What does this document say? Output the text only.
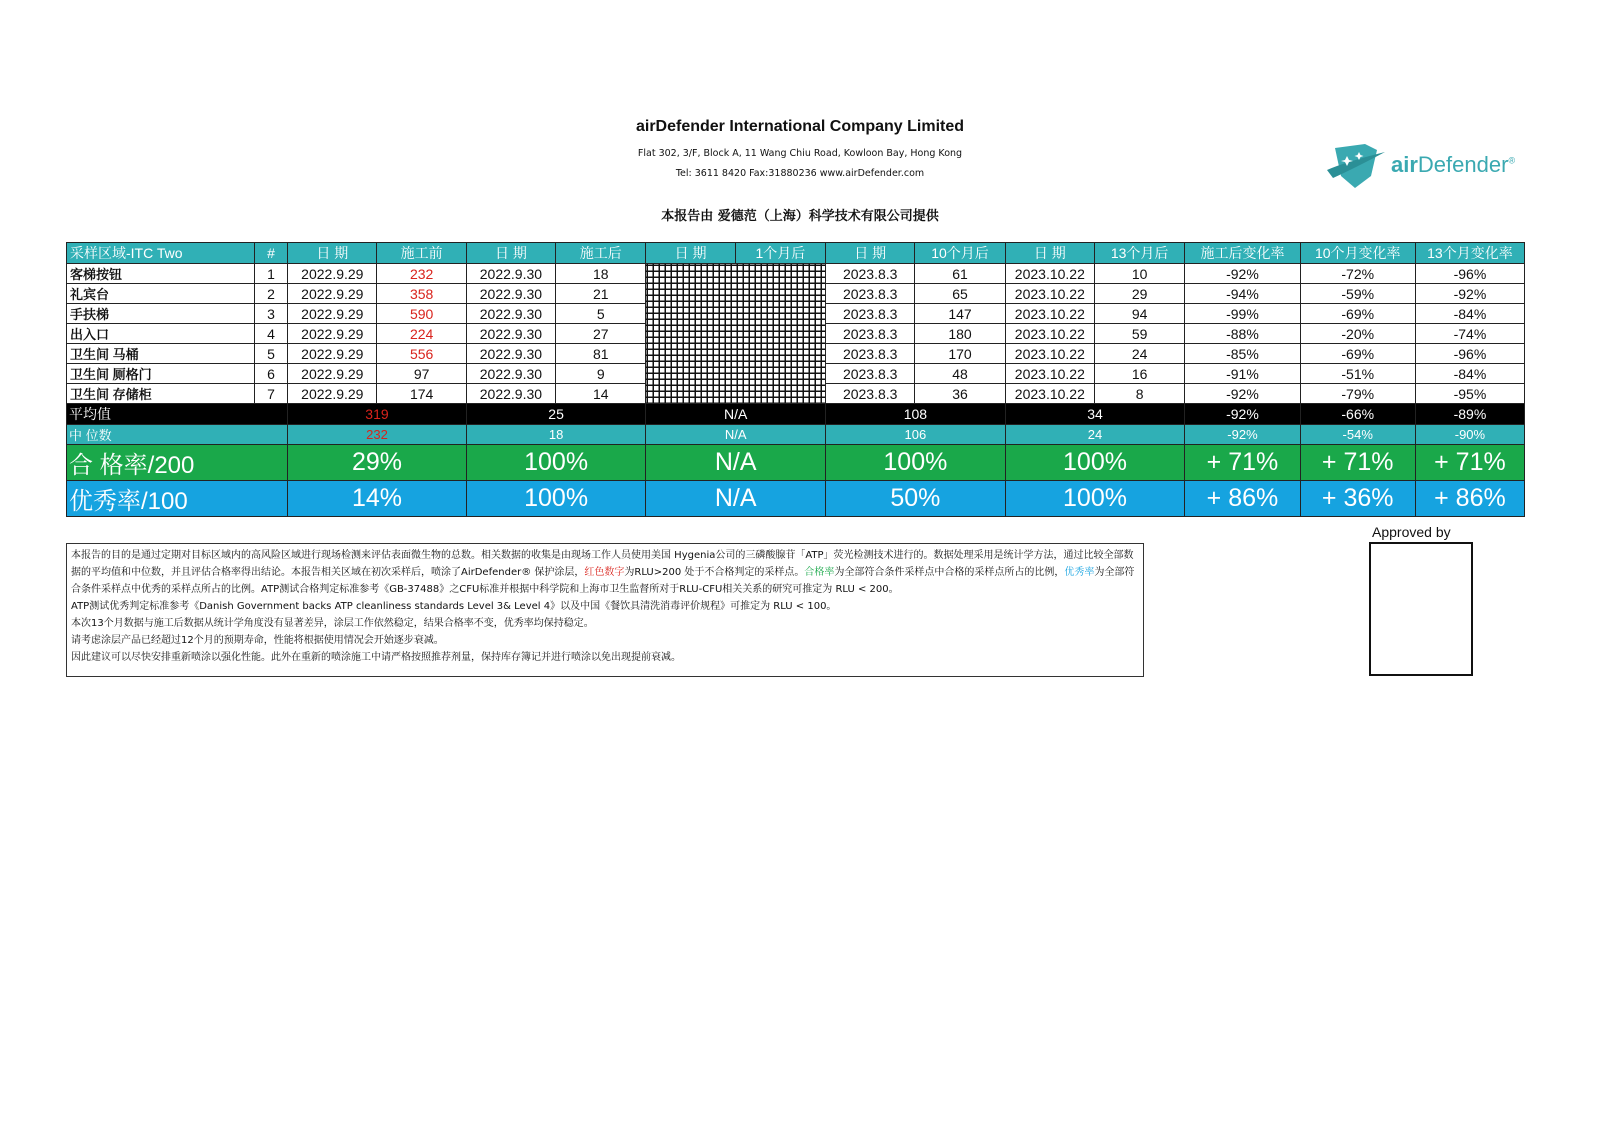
airDefender International Company Limited
Flat 302, 3/F, Block A, 11 Wang Chiu Road, Kowloon Bay, Hong Kong
Tel: 3611 8420 Fax:31880236 www.airDefender.com
本报告由 爱德范（上海）科学技术有限公司提供
airDefender®
采样区域-ITC Two	#	日 期	施工前	日 期	施工后	日 期	1个月后	日 期	10个月后	日 期	13个月后	施工后变化率	10个月变化率	13个月变化率
客梯按钮	1	2022.9.29	232	2022.9.30	18			2023.8.3	61	2023.10.22	10	-92%	-72%	-96%
礼宾台	2	2022.9.29	358	2022.9.30	21			2023.8.3	65	2023.10.22	29	-94%	-59%	-92%
手扶梯	3	2022.9.29	590	2022.9.30	5			2023.8.3	147	2023.10.22	94	-99%	-69%	-84%
出入口	4	2022.9.29	224	2022.9.30	27			2023.8.3	180	2023.10.22	59	-88%	-20%	-74%
卫生间 马桶	5	2022.9.29	556	2022.9.30	81			2023.8.3	170	2023.10.22	24	-85%	-69%	-96%
卫生间 厕格门	6	2022.9.29	97	2022.9.30	9			2023.8.3	48	2023.10.22	16	-91%	-51%	-84%
卫生间 存储柜	7	2022.9.29	174	2022.9.30	14			2023.8.3	36	2023.10.22	8	-92%	-79%	-95%
平均值		319		25		N/A		108		34		-92%	-66%	-89%
中 位数		232		18		N/A		106		24		-92%	-54%	-90%
合 格率/200		29%		100%		N/A		100%		100%		+ 71%	+ 71%	+ 71%
优秀率/100		14%		100%		N/A		50%		100%		+ 86%	+ 36%	+ 86%

本报告的目的是通过定期对目标区域内的高风险区域进行现场检测来评估表面微生物的总数。相关数据的收集是由现场工作人员使用美国 Hygenia公司的三磷酸腺苷「ATP」荧光检测技术进行的。数据处理采用是统计学方法，通过比较全部数

据的平均值和中位数，并且评估合格率得出结论。本报告相关区域在初次采样后，喷涂了AirDefender® 保护涂层，红色数字为RLU>200 处于不合格判定的采样点。合格率为全部符合条件采样点中合格的采样点所占的比例，优秀率为全部符

合条件采样点中优秀的采样点所占的比例。ATP测试合格判定标准参考《GB-37488》之CFU标准并根据中科学院和上海市卫生监督所对于RLU-CFU相关关系的研究可推定为 RLU < 200。

ATP测试优秀判定标准参考《Danish Government backs ATP cleanliness standards Level 3& Level 4》以及中国《餐饮具清洗消毒评价规程》可推定为 RLU < 100。

本次13个月数据与施工后数据从统计学角度没有显著差异，涂层工作依然稳定，结果合格率不变，优秀率均保持稳定。

请考虑涂层产品已经超过12个月的预期寿命，性能将根据使用情况会开始逐步衰减。

因此建议可以尽快安排重新喷涂以强化性能。此外在重新的喷涂施工中请严格按照推荐剂量，保持库存簿记并进行喷涂以免出现提前衰减。

Approved by
